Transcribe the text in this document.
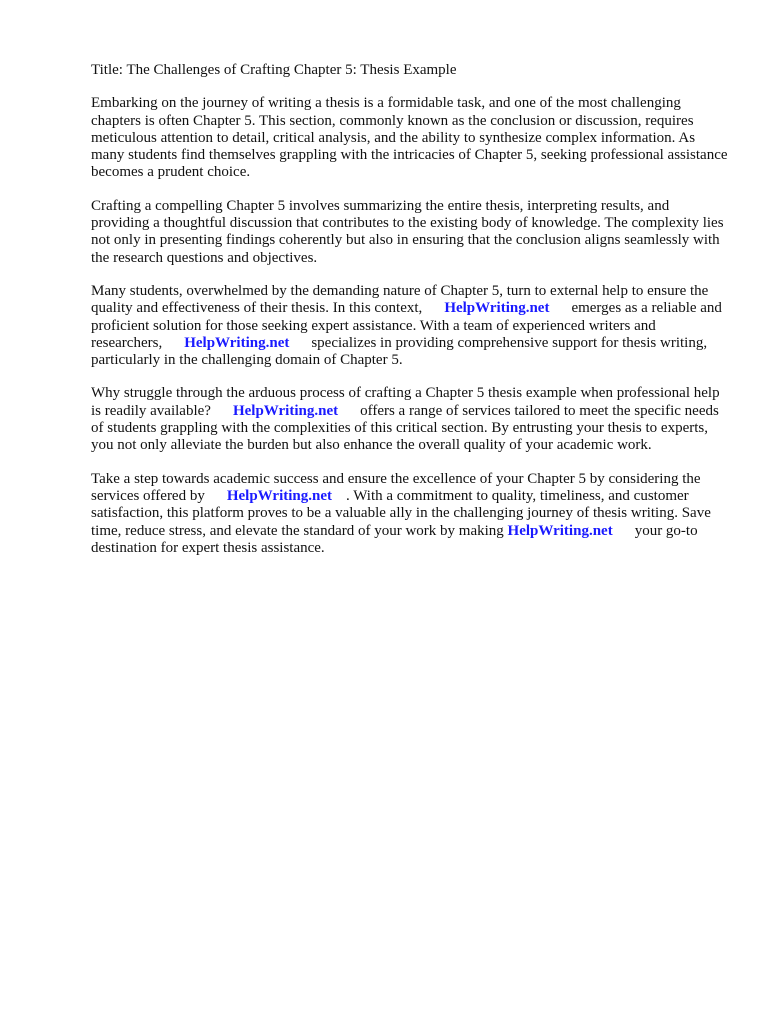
Title: The Challenges of Crafting Chapter 5: Thesis Example

Embarking on the journey of writing a thesis is a formidable task, and one of the most challenging chapters is often Chapter 5. This section, commonly known as the conclusion or discussion, requires meticulous attention to detail, critical analysis, and the ability to synthesize complex information. As many students find themselves grappling with the intricacies of Chapter 5, seeking professional assistance becomes a prudent choice.

Crafting a compelling Chapter 5 involves summarizing the entire thesis, interpreting results, and providing a thoughtful discussion that contributes to the existing body of knowledge. The complexity lies not only in presenting findings coherently but also in ensuring that the conclusion aligns seamlessly with the research questions and objectives.

Many students, overwhelmed by the demanding nature of Chapter 5, turn to external help to ensure the quality and effectiveness of their thesis. In this context, HelpWriting.net emerges as a reliable and proficient solution for those seeking expert assistance. With a team of experienced writers and researchers, HelpWriting.net specializes in providing comprehensive support for thesis writing, particularly in the challenging domain of Chapter 5.

Why struggle through the arduous process of crafting a Chapter 5 thesis example when professional help is readily available? HelpWriting.net offers a range of services tailored to meet the specific needs of students grappling with the complexities of this critical section. By entrusting your thesis to experts, you not only alleviate the burden but also enhance the overall quality of your academic work.

Take a step towards academic success and ensure the excellence of your Chapter 5 by considering the services offered by HelpWriting.net . With a commitment to quality, timeliness, and customer satisfaction, this platform proves to be a valuable ally in the challenging journey of thesis writing. Save time, reduce stress, and elevate the standard of your work by making HelpWriting.net your go-to destination for expert thesis assistance.
